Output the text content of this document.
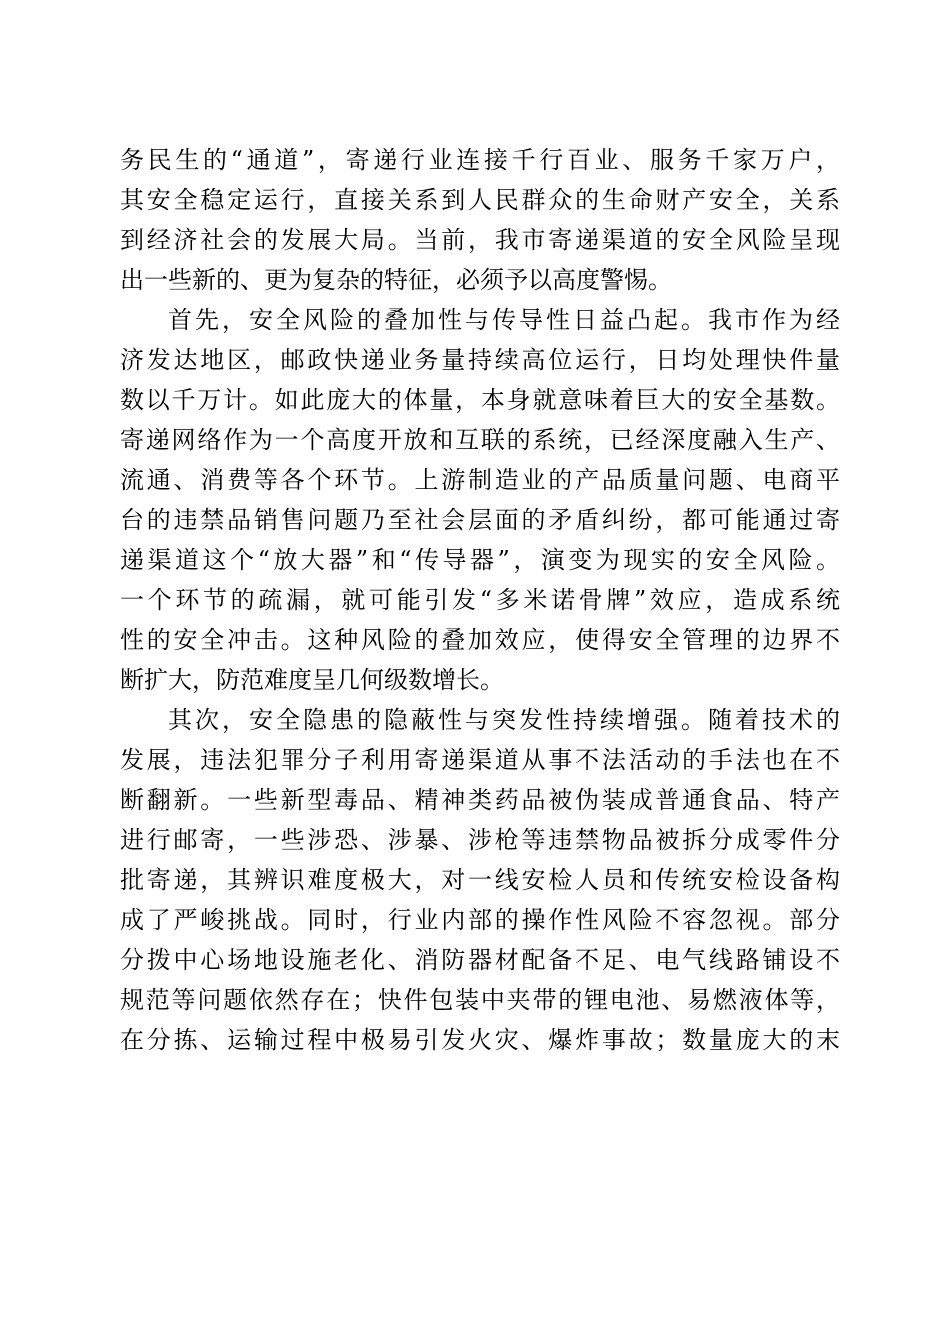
务民生的“通道”，寄递行业连接千行百业、服务千家万户，
其安全稳定运行，直接关系到人民群众的生命财产安全，关系
到经济社会的发展大局。当前，我市寄递渠道的安全风险呈现
出一些新的、更为复杂的特征，必须予以高度警惕。
首先，安全风险的叠加性与传导性日益凸起。我市作为经
济发达地区，邮政快递业务量持续高位运行，日均处理快件量
数以千万计。如此庞大的体量，本身就意味着巨大的安全基数。
寄递网络作为一个高度开放和互联的系统，已经深度融入生产、
流通、消费等各个环节。上游制造业的产品质量问题、电商平
台的违禁品销售问题乃至社会层面的矛盾纠纷，都可能通过寄
递渠道这个“放大器”和“传导器”，演变为现实的安全风险。
一个环节的疏漏，就可能引发“多米诺骨牌”效应，造成系统
性的安全冲击。这种风险的叠加效应，使得安全管理的边界不
断扩大，防范难度呈几何级数增长。
其次，安全隐患的隐蔽性与突发性持续增强。随着技术的
发展，违法犯罪分子利用寄递渠道从事不法活动的手法也在不
断翻新。一些新型毒品、精神类药品被伪装成普通食品、特产
进行邮寄，一些涉恐、涉暴、涉枪等违禁物品被拆分成零件分
批寄递，其辨识难度极大，对一线安检人员和传统安检设备构
成了严峻挑战。同时，行业内部的操作性风险不容忽视。部分
分拨中心场地设施老化、消防器材配备不足、电气线路铺设不
规范等问题依然存在；快件包装中夹带的锂电池、易燃液体等，
在分拣、运输过程中极易引发火灾、爆炸事故；数量庞大的末
